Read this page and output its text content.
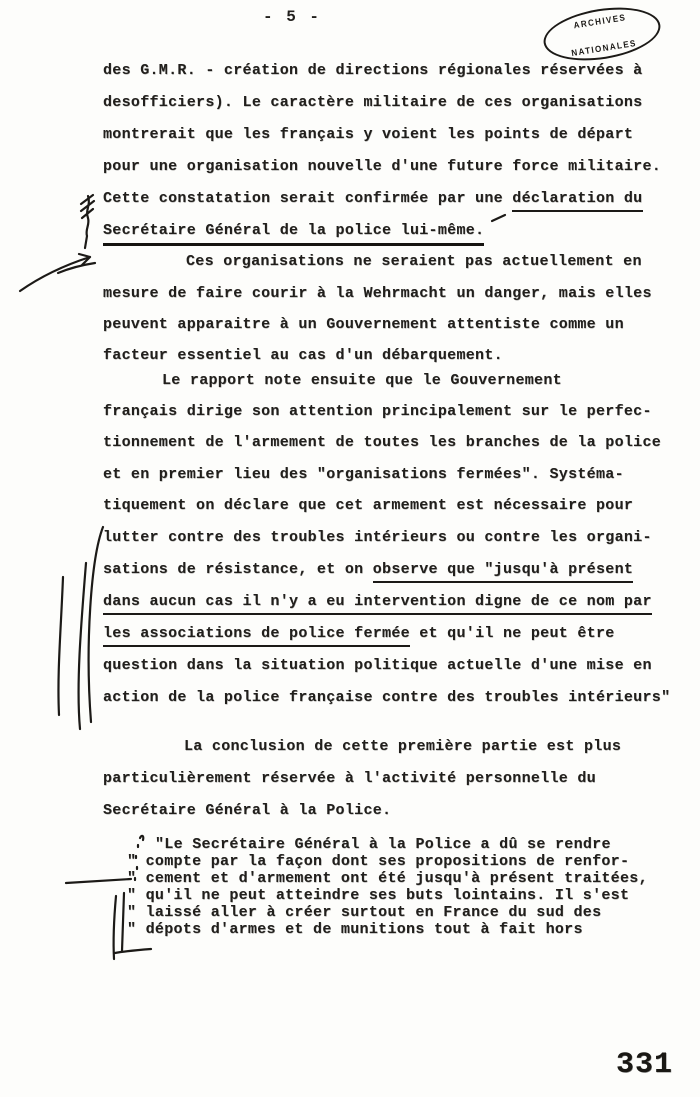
- 5 -	ARCHIVES
NATIONALES
des G.M.R. - création de directions régionales réservées à
desofficiers). Le caractère militaire de ces organisations
montrerait que les français y voient les points de départ
pour une organisation nouvelle d'une future force militaire.
Cette constatation serait confirmée par une déclaration du
Secrétaire Général de la police lui-même.
Ces organisations ne seraient pas actuellement en
mesure de faire courir à la Wehrmacht un danger, mais elles
peuvent apparaitre à un Gouvernement attentiste comme un
facteur essentiel au cas d'un débarquement.
Le rapport note ensuite que le Gouvernement
français dirige son attention principalement sur le perfec-
tionnement de l'armement de toutes les branches de la police
et en premier lieu des "organisations fermées". Systéma-
tiquement on déclare que cet armement est nécessaire pour
lutter contre des troubles intérieurs ou contre les organi-
sations de résistance, et on observe que "jusqu'à présent
dans aucun cas il n'y a eu intervention digne de ce nom par
les associations de police fermée et qu'il ne peut être
question dans la situation politique actuelle d'une mise en
action de la police française contre des troubles intérieurs"
La conclusion de cette première partie est plus
particulièrement réservée à l'activité personnelle du
Secrétaire Général à la Police.
"Le Secrétaire Général à la Police a dû se rendre
" compte par la façon dont ses propositions de renfor-
" cement et d'armement ont été jusqu'à présent traitées,
" qu'il ne peut atteindre ses buts lointains. Il s'est
" laissé aller à créer surtout en France du sud des
" dépots d'armes et de munitions tout à fait hors
331
